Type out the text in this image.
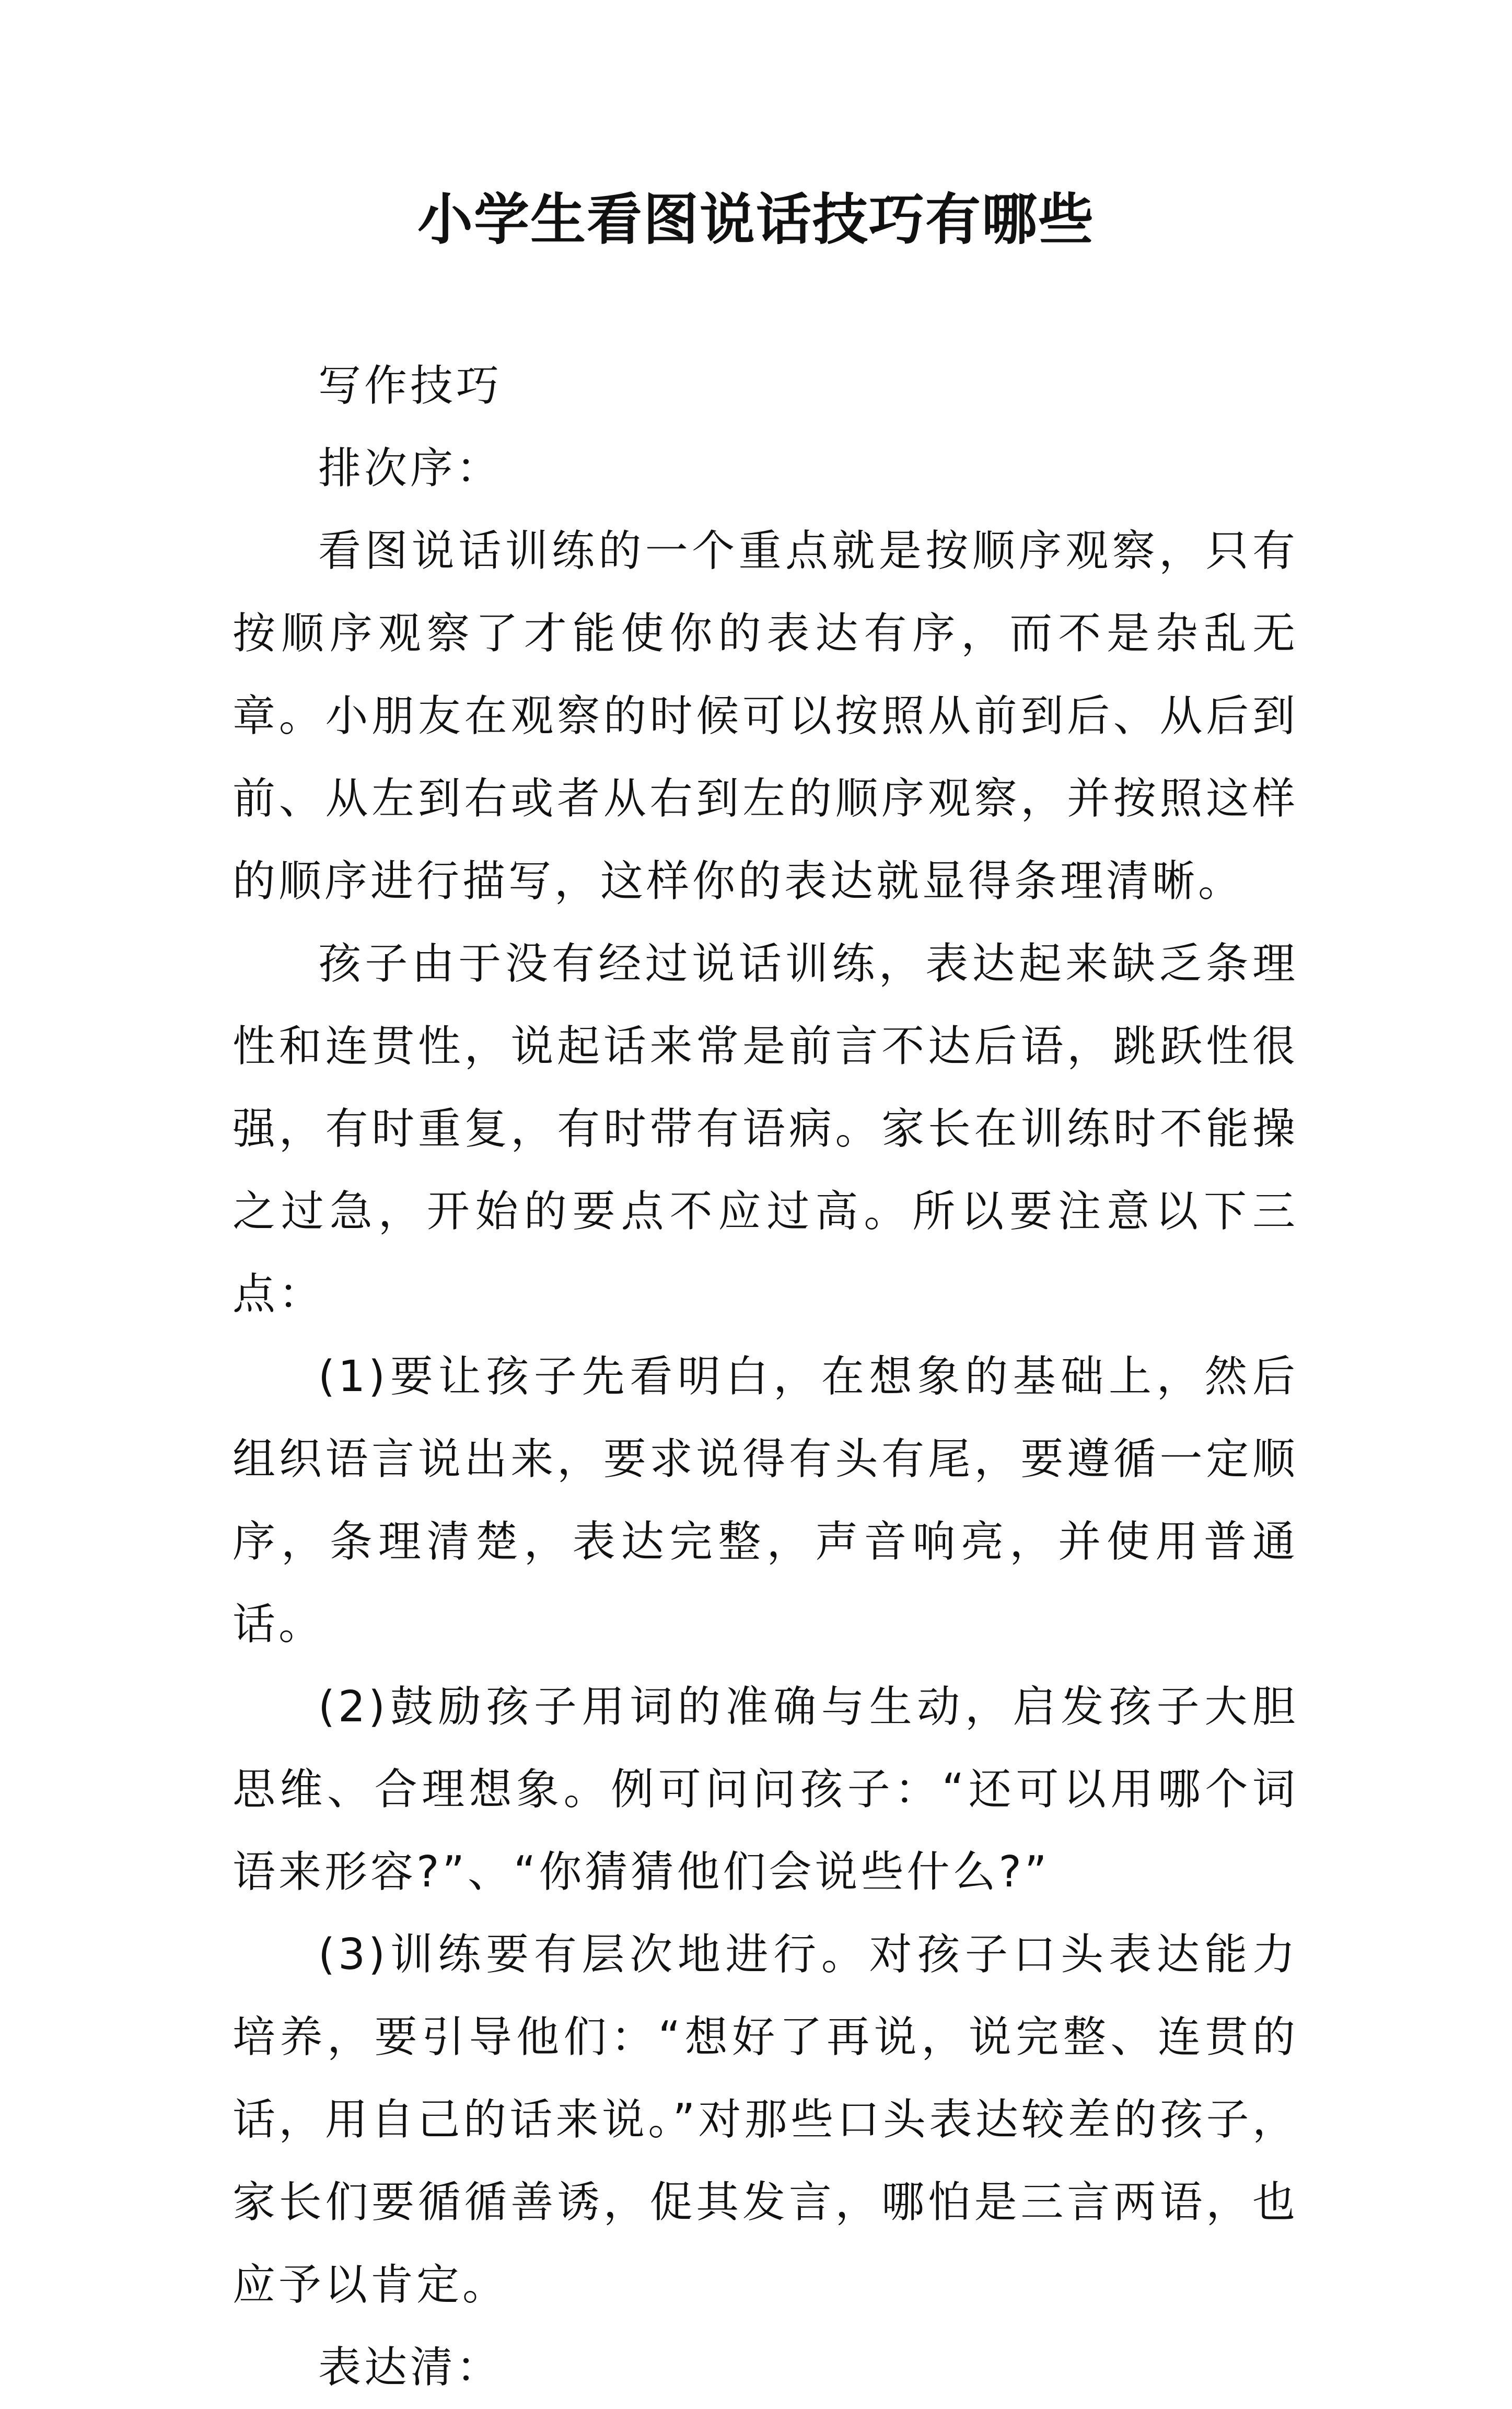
小学生看图说话技巧有哪些

写作技巧

排次序：

看图说话训练的一个重点就是按顺序观察，只有按顺序观察了才能使你的表达有序，而不是杂乱无章。小朋友在观察的时候可以按照从前到后、从后到前、从左到右或者从右到左的顺序观察，并按照这样的顺序进行描写，这样你的表达就显得条理清晰。

孩子由于没有经过说话训练，表达起来缺乏条理性和连贯性，说起话来常是前言不达后语，跳跃性很强，有时重复，有时带有语病。家长在训练时不能操之过急，开始的要点不应过高。所以要注意以下三点：

(1)要让孩子先看明白，在想象的基础上，然后组织语言说出来，要求说得有头有尾，要遵循一定顺序，条理清楚，表达完整，声音响亮，并使用普通话。

(2)鼓励孩子用词的准确与生动，启发孩子大胆思维、合理想象。例可问问孩子：“还可以用哪个词语来形容?”、“你猜猜他们会说些什么?”

(3)训练要有层次地进行。对孩子口头表达能力培养，要引导他们：“想好了再说，说完整、连贯的话，用自己的话来说。”对那些口头表达较差的孩子，家长们要循循善诱，促其发言，哪怕是三言两语，也应予以肯定。

表达清：
